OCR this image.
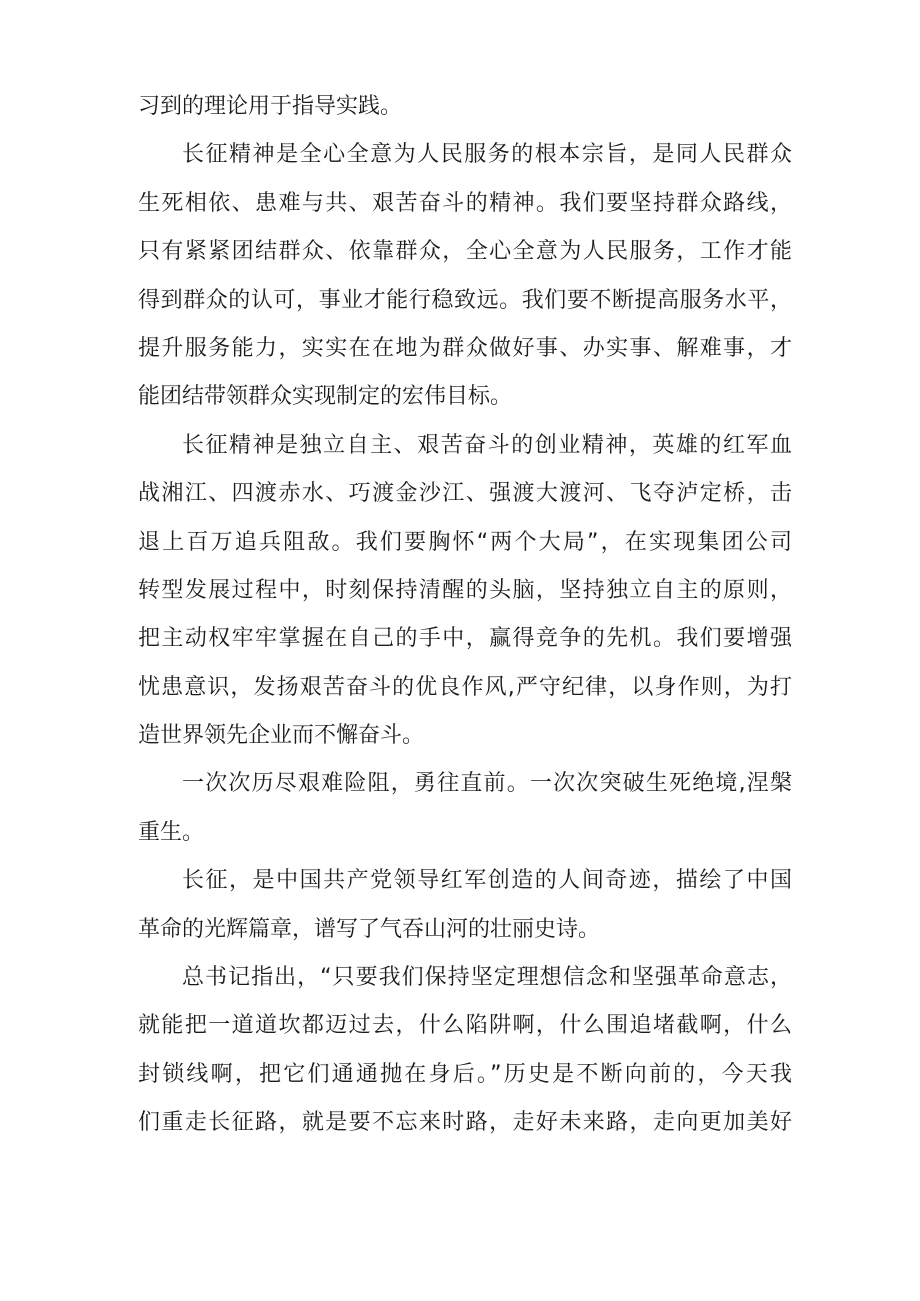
习到的理论用于指导实践。
长征精神是全心全意为人民服务的根本宗旨，是同人民群众
生死相依、患难与共、艰苦奋斗的精神。我们要坚持群众路线，
只有紧紧团结群众、依靠群众，全心全意为人民服务，工作才能
得到群众的认可，事业才能行稳致远。我们要不断提高服务水平，
提升服务能力，实实在在地为群众做好事、办实事、解难事，才
能团结带领群众实现制定的宏伟目标。
长征精神是独立自主、艰苦奋斗的创业精神，英雄的红军血
战湘江、四渡赤水、巧渡金沙江、强渡大渡河、飞夺泸定桥，击
退上百万追兵阻敌。我们要胸怀“两个大局”，在实现集团公司
转型发展过程中，时刻保持清醒的头脑，坚持独立自主的原则，
把主动权牢牢掌握在自己的手中，赢得竞争的先机。我们要增强
忧患意识，发扬艰苦奋斗的优良作风,严守纪律，以身作则，为打
造世界领先企业而不懈奋斗。
一次次历尽艰难险阻，勇往直前。一次次突破生死绝境,涅槃
重生。
长征，是中国共产党领导红军创造的人间奇迹，描绘了中国
革命的光辉篇章，谱写了气吞山河的壮丽史诗。
总书记指出，“只要我们保持坚定理想信念和坚强革命意志，
就能把一道道坎都迈过去，什么陷阱啊，什么围追堵截啊，什么
封锁线啊，把它们通通抛在身后。”历史是不断向前的，今天我
们重走长征路，就是要不忘来时路，走好未来路，走向更加美好
